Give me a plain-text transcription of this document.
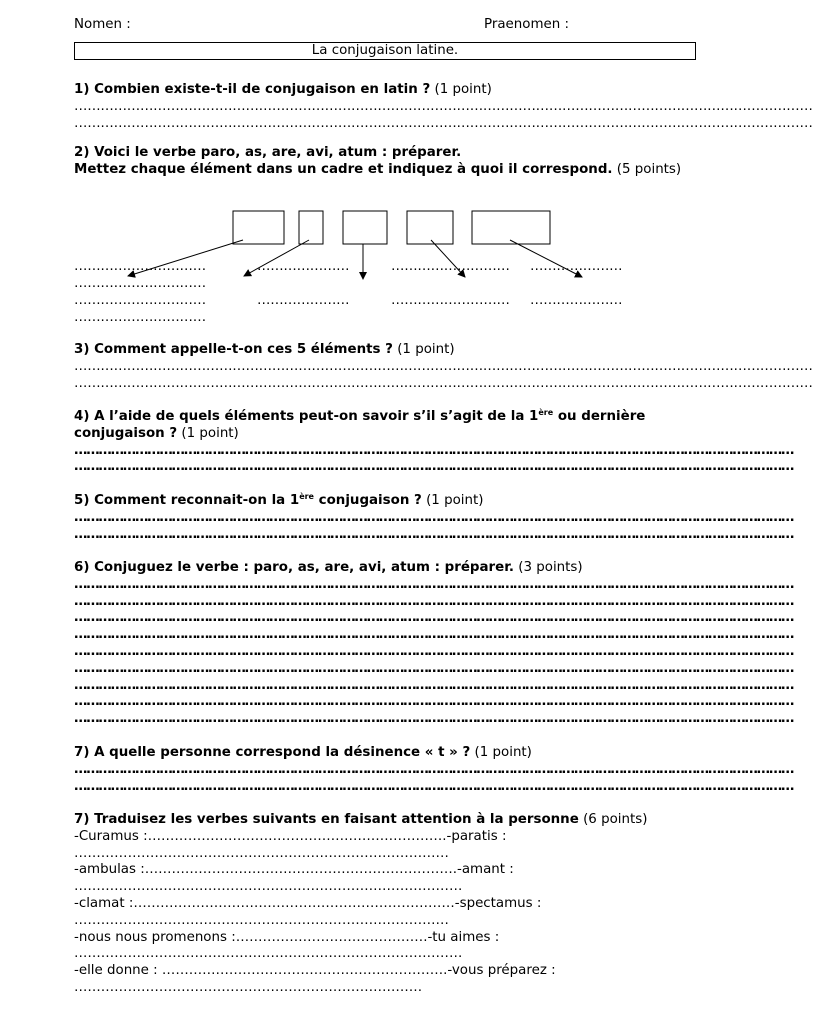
Nomen :	Praenomen :
La conjugaison latine.
1) Combien existe-t-il de conjugaison en latin ? (1 point)
……………………………………………………………………………………………………………………………………………………
……………………………………………………………………………………………………………………………………………………
2) Voici le verbe paro, as, are, avi, atum : préparer.
Mettez chaque élément dans un cadre et indiquez à quoi il correspond. (5 points)
…………………………	…………………	………………………	…………………
…………………………
…………………………	…………………	………………………	…………………
…………………………
3) Comment appelle-t-on ces 5 éléments ? (1 point)
……………………………………………………………………………………………………………………………………………………
……………………………………………………………………………………………………………………………………………………
4) A l’aide de quels éléments peut-on savoir s’il s’agit de la 1ère ou dernière conjugaison ? (1 point)
……………………………………………………………………………………………………………………………………………………………
……………………………………………………………………………………………………………………………………………………………
5) Comment reconnait-on la 1ère conjugaison ? (1 point)
……………………………………………………………………………………………………………………………………………………………
……………………………………………………………………………………………………………………………………………………………
6) Conjuguez le verbe : paro, as, are, avi, atum : préparer. (3 points)
……………………………………………………………………………………………………………………………………………………………
……………………………………………………………………………………………………………………………………………………………
……………………………………………………………………………………………………………………………………………………………
……………………………………………………………………………………………………………………………………………………………
……………………………………………………………………………………………………………………………………………………………
……………………………………………………………………………………………………………………………………………………………
……………………………………………………………………………………………………………………………………………………………
……………………………………………………………………………………………………………………………………………………………
……………………………………………………………………………………………………………………………………………………………
7) A quelle personne correspond la désinence « t » ? (1 point)
……………………………………………………………………………………………………………………………………………………………
……………………………………………………………………………………………………………………………………………………………
7) Traduisez les verbes suivants en faisant attention à la personne (6 points)
-Curamus :………………………………………………………….-paratis :
…………………………………………………………………………
-ambulas :…………………………………………………………….-amant :
……………………………………………………………………………
-clamat :………………………………………………………………-spectamus :
…………………………………………………………………………
-nous nous promenons :…………………………………….-tu aimes :
……………………………………………………………………………
-elle donne : ……………………………………………………….-vous préparez :
……………………………………………………………………
